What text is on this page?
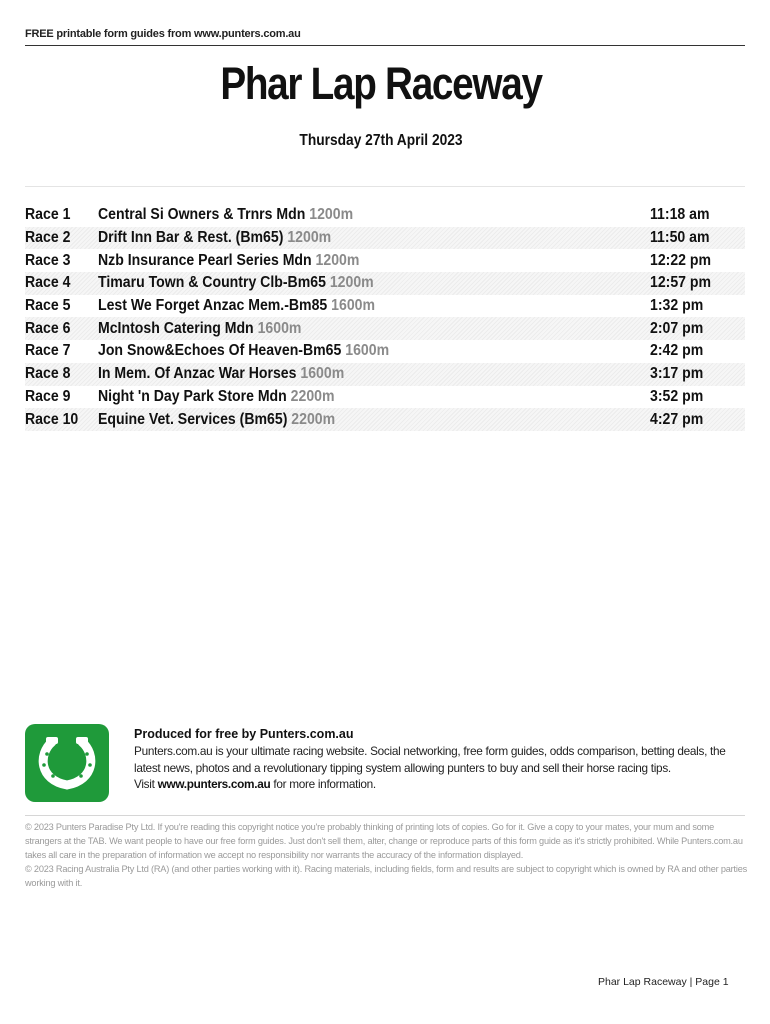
FREE printable form guides from www.punters.com.au
Phar Lap Raceway
Thursday 27th April 2023
Race 1 Central Si Owners & Trnrs Mdn 1200m	11:18 am
Race 2 Drift Inn Bar & Rest. (Bm65) 1200m	11:50 am
Race 3 Nzb Insurance Pearl Series Mdn 1200m	12:22 pm
Race 4 Timaru Town & Country Clb-Bm65 1200m	12:57 pm
Race 5 Lest We Forget Anzac Mem.-Bm85 1600m	1:32 pm
Race 6 McIntosh Catering Mdn 1600m	2:07 pm
Race 7 Jon Snow&Echoes Of Heaven-Bm65 1600m	2:42 pm
Race 8 In Mem. Of Anzac War Horses 1600m	3:17 pm
Race 9 Night 'n Day Park Store Mdn 2200m	3:52 pm
Race 10 Equine Vet. Services (Bm65) 2200m	4:27 pm
Produced for free by Punters.com.au
Punters.com.au is your ultimate racing website. Social networking, free form guides, odds comparison, betting deals, the latest news, photos and a revolutionary tipping system allowing punters to buy and sell their horse racing tips.
Visit www.punters.com.au for more information.
© 2023 Punters Paradise Pty Ltd. If you're reading this copyright notice you're probably thinking of printing lots of copies. Go for it. Give a copy to your mates, your mum and some strangers at the TAB. We want people to have our free form guides. Just don't sell them, alter, change or reproduce parts of this form guide as it's strictly prohibited. While Punters.com.au takes all care in the preparation of information we accept no responsibility nor warrants the accuracy of the information displayed.
© 2023 Racing Australia Pty Ltd (RA) (and other parties working with it). Racing materials, including fields, form and results are subject to copyright which is owned by RA and other parties working with it.
Phar Lap Raceway | Page 1
